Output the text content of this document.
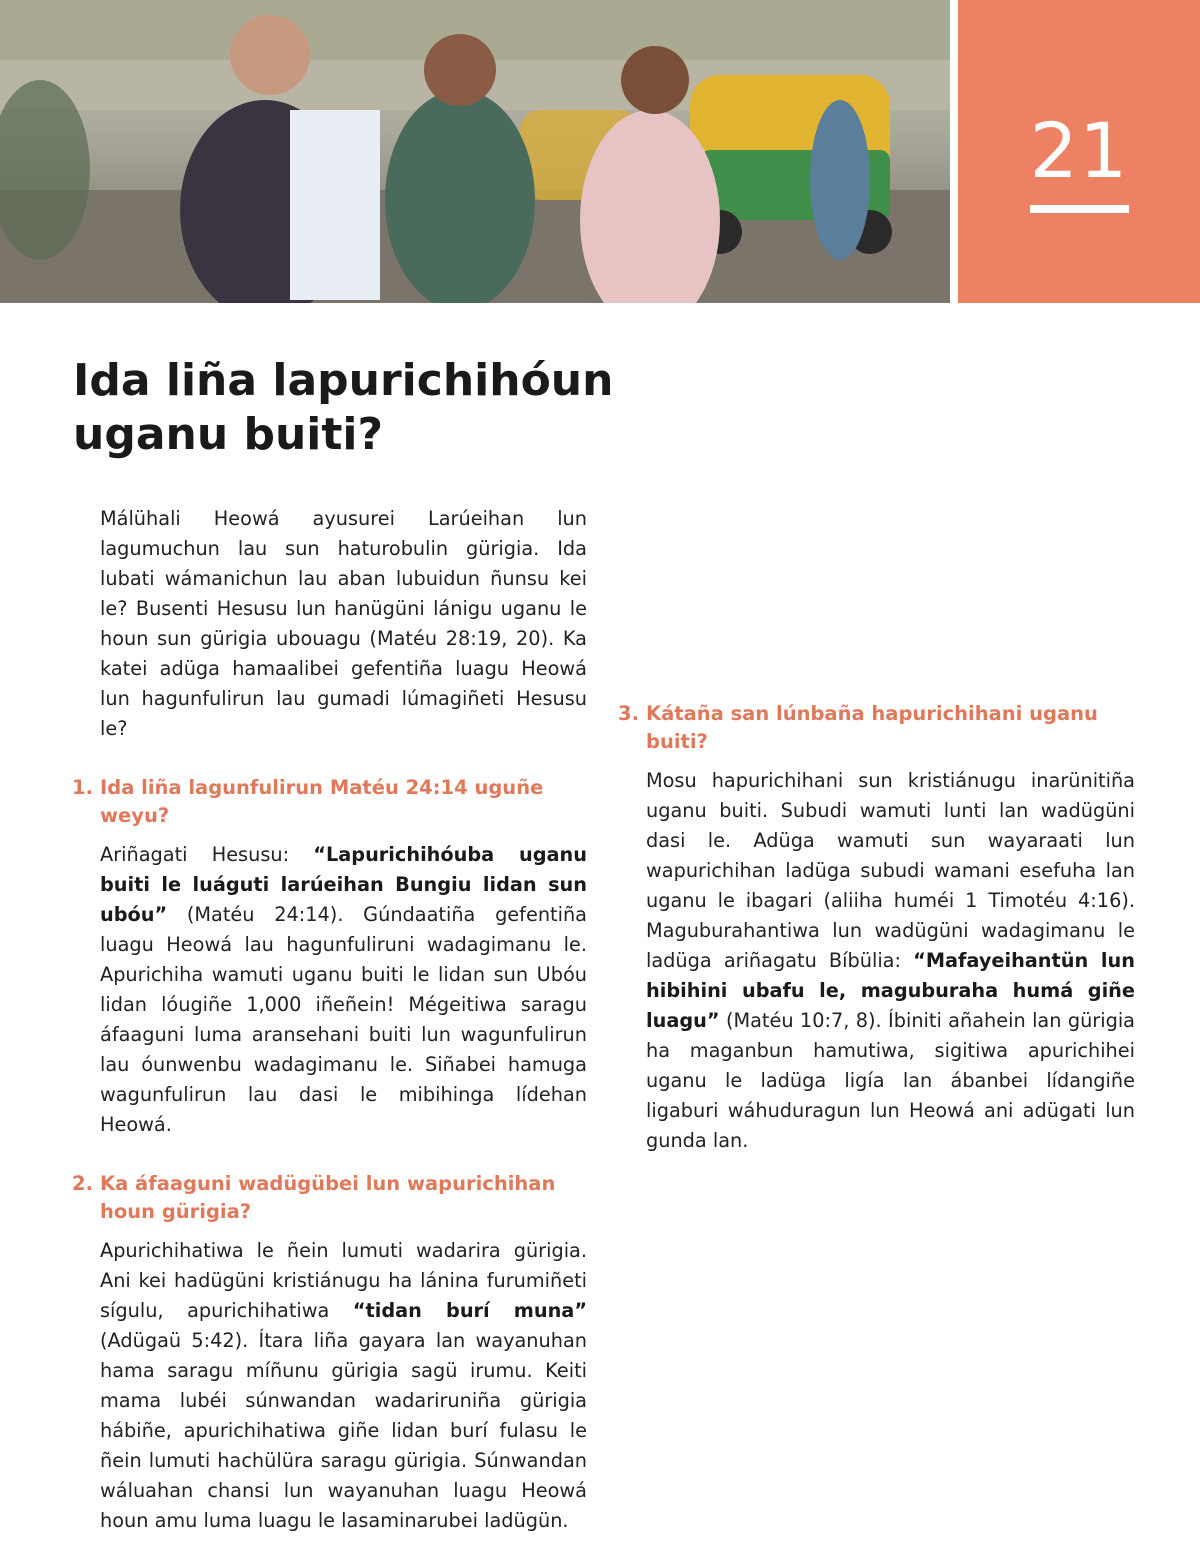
21
Ida liña lapurichihóun uganu buiti?

Málühali Heowá ayusurei Larúeihan lun lagumuchun lau sun haturobulin gürigia. Ida lubati wámanichun lau aban lubuidun ñunsu kei le? Busenti Hesusu lun hanügüni lánigu uganu le houn sun gürigia ubouagu (Matéu 28:19, 20). Ka katei adüga hamaalibei gefentiña luagu Heowá lun hagunfulirun lau gumadi lúmagiñeti Hesusu le?

1. Ida liña lagunfulirun Matéu 24:14 uguñe weyu?

Ariñagati Hesusu: “Lapurichihóuba uganu buiti le luáguti larúeihan Bungiu lidan sun ubóu” (Matéu 24:14). Gúndaatiña gefentiña luagu Heowá lau hagunfuliruni wadagimanu le. Apurichiha wamuti uganu buiti le lidan sun Ubóu lidan lóugiñe 1,000 iñeñein! Mégeitiwa saragu áfaaguni luma aransehani buiti lun wagunfulirun lau óunwenbu wadagimanu le. Siñabei hamuga wagunfulirun lau dasi le mibihinga lídehan Heowá.

2. Ka áfaaguni wadügübei lun wapurichihan houn gürigia?

Apurichihatiwa le ñein lumuti wadarira gürigia. Ani kei hadügüni kristiánugu ha lánina furumiñeti sígulu, apurichihatiwa “tidan burí muna” (Adügaü 5:42). Ítara liña gayara lan wayanuhan hama saragu míñunu gürigia sagü irumu. Keiti mama lubéi súnwandan wadariruniña gürigia hábiñe, apurichihatiwa giñe lidan burí fulasu le ñein lumuti hachülüra saragu gürigia. Súnwandan wáluahan chansi lun wayanuhan luagu Heowá houn amu luma luagu le lasaminarubei ladügün.

3. Kátaña san lúnbaña hapurichihani uganu buiti?

Mosu hapurichihani sun kristiánugu inarünitiña uganu buiti. Subudi wamuti lunti lan wadügüni dasi le. Adüga wamuti sun wayaraati lun wapurichihan ladüga subudi wamani esefuha lan uganu le ibagari (aliiha huméi 1 Timotéu 4:16). Maguburahantiwa lun wadügüni wadagimanu le ladüga ariñagatu Bíbülia: “Mafayeihantün lun hibihini ubafu le, maguburaha humá giñe luagu” (Matéu 10:7, 8). Íbiniti añahein lan gürigia ha maganbun hamutiwa, sigitiwa apurichihei uganu le ladüga ligía lan ábanbei lídangiñe ligaburi wáhuduragun lun Heowá ani adügati lun gunda lan.
